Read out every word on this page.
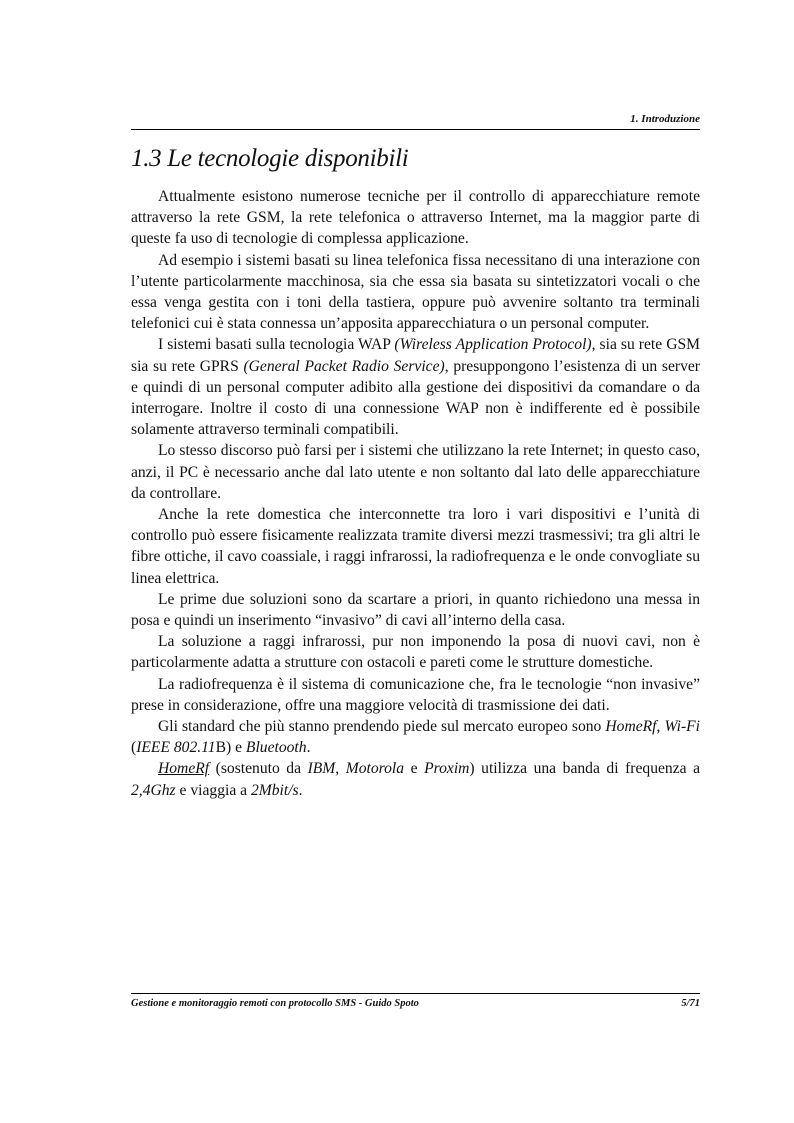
1. Introduzione
1.3 Le tecnologie disponibili

Attualmente esistono numerose tecniche per il controllo di apparecchiature remote attraverso la rete GSM, la rete telefonica o attraverso Internet, ma la maggior parte di queste fa uso di tecnologie di complessa applicazione.

Ad esempio i sistemi basati su linea telefonica fissa necessitano di una interazione con l’utente particolarmente macchinosa, sia che essa sia basata su sintetizzatori vocali o che essa venga gestita con i toni della tastiera, oppure può avvenire soltanto tra terminali telefonici cui è stata connessa un’apposita apparecchiatura o un personal computer.

I sistemi basati sulla tecnologia WAP (Wireless Application Protocol), sia su rete GSM sia su rete GPRS (General Packet Radio Service), presuppongono l’esistenza di un server e quindi di un personal computer adibito alla gestione dei dispositivi da comandare o da interrogare. Inoltre il costo di una connessione WAP non è indifferente ed è possibile solamente attraverso terminali compatibili.

Lo stesso discorso può farsi per i sistemi che utilizzano la rete Internet; in questo caso, anzi, il PC è necessario anche dal lato utente e non soltanto dal lato delle apparecchiature da controllare.

Anche la rete domestica che interconnette tra loro i vari dispositivi e l’unità di controllo può essere fisicamente realizzata tramite diversi mezzi trasmessivi; tra gli altri le fibre ottiche, il cavo coassiale, i raggi infrarossi, la radiofrequenza e le onde convogliate su linea elettrica.

Le prime due soluzioni sono da scartare a priori, in quanto richiedono una messa in posa e quindi un inserimento “invasivo” di cavi all’interno della casa.

La soluzione a raggi infrarossi, pur non imponendo la posa di nuovi cavi, non è particolarmente adatta a strutture con ostacoli e pareti come le strutture domestiche.

La radiofrequenza è il sistema di comunicazione che, fra le tecnologie “non invasive” prese in considerazione, offre una maggiore velocità di trasmissione dei dati.

Gli standard che più stanno prendendo piede sul mercato europeo sono HomeRf, Wi-Fi (IEEE 802.11B) e Bluetooth.

HomeRf (sostenuto da IBM, Motorola e Proxim) utilizza una banda di frequenza a 2,4Ghz e viaggia a 2Mbit/s.

Gestione e monitoraggio remoti con protocollo SMS - Guido Spoto	5/71
